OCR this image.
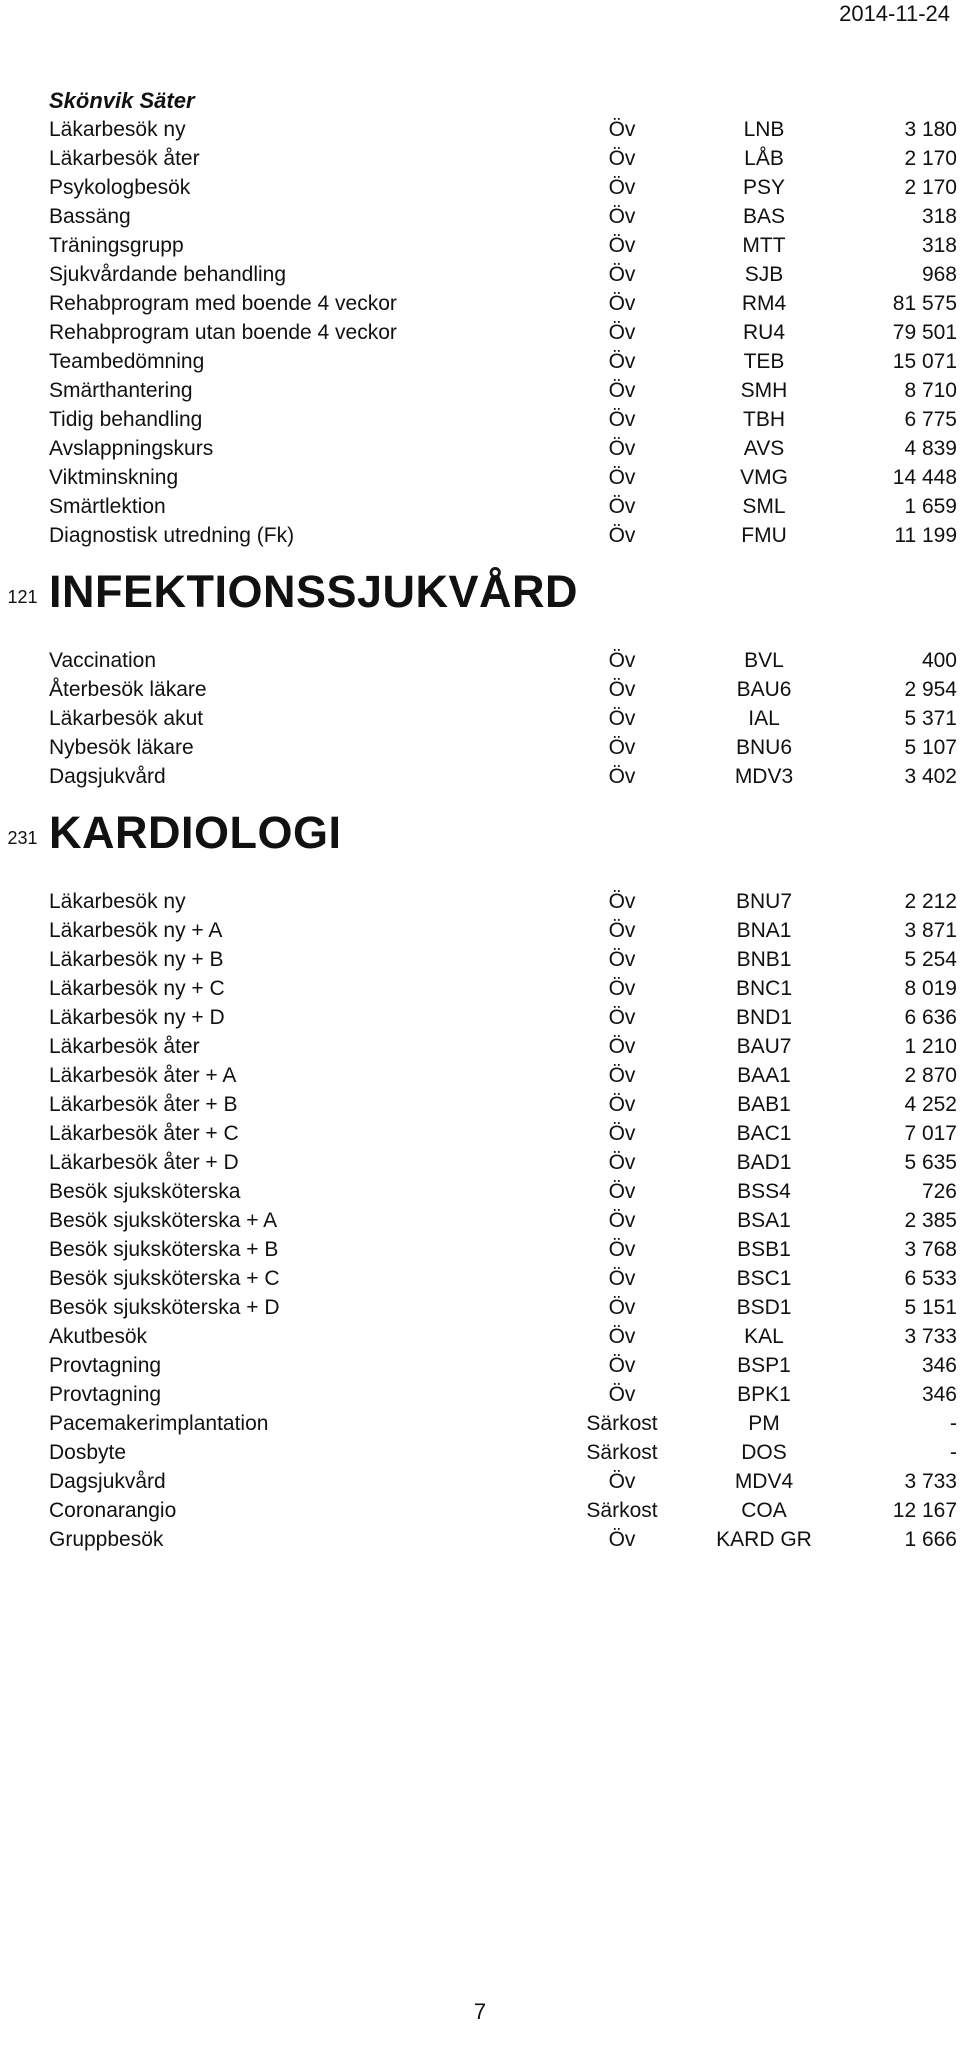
2014-11-24
Skönvik Säter
Läkarbesök ny	Öv	LNB	3 180
Läkarbesök åter	Öv	LÅB	2 170
Psykologbesök	Öv	PSY	2 170
Bassäng	Öv	BAS	318
Träningsgrupp	Öv	MTT	318
Sjukvårdande behandling	Öv	SJB	968
Rehabprogram med boende 4 veckor	Öv	RM4	81 575
Rehabprogram utan boende 4 veckor	Öv	RU4	79 501
Teambedömning	Öv	TEB	15 071
Smärthantering	Öv	SMH	8 710
Tidig behandling	Öv	TBH	6 775
Avslappningskurs	Öv	AVS	4 839
Viktminskning	Öv	VMG	14 448
Smärtlektion	Öv	SML	1 659
Diagnostisk utredning (Fk)	Öv	FMU	11 199
121 INFEKTIONSSJUKVÅRD
Vaccination	Öv	BVL	400
Återbesök läkare	Öv	BAU6	2 954
Läkarbesök akut	Öv	IAL	5 371
Nybesök läkare	Öv	BNU6	5 107
Dagsjukvård	Öv	MDV3	3 402
231 KARDIOLOGI
Läkarbesök ny	Öv	BNU7	2 212
Läkarbesök ny + A	Öv	BNA1	3 871
Läkarbesök ny + B	Öv	BNB1	5 254
Läkarbesök ny + C	Öv	BNC1	8 019
Läkarbesök ny + D	Öv	BND1	6 636
Läkarbesök åter	Öv	BAU7	1 210
Läkarbesök åter + A	Öv	BAA1	2 870
Läkarbesök åter + B	Öv	BAB1	4 252
Läkarbesök åter + C	Öv	BAC1	7 017
Läkarbesök åter + D	Öv	BAD1	5 635
Besök sjuksköterska	Öv	BSS4	726
Besök sjuksköterska + A	Öv	BSA1	2 385
Besök sjuksköterska + B	Öv	BSB1	3 768
Besök sjuksköterska + C	Öv	BSC1	6 533
Besök sjuksköterska + D	Öv	BSD1	5 151
Akutbesök	Öv	KAL	3 733
Provtagning	Öv	BSP1	346
Provtagning	Öv	BPK1	346
Pacemakerimplantation	Särkost	PM	-
Dosbyte	Särkost	DOS	-
Dagsjukvård	Öv	MDV4	3 733
Coronarangio	Särkost	COA	12 167
Gruppbesök	Öv	KARD GR	1 666
7
